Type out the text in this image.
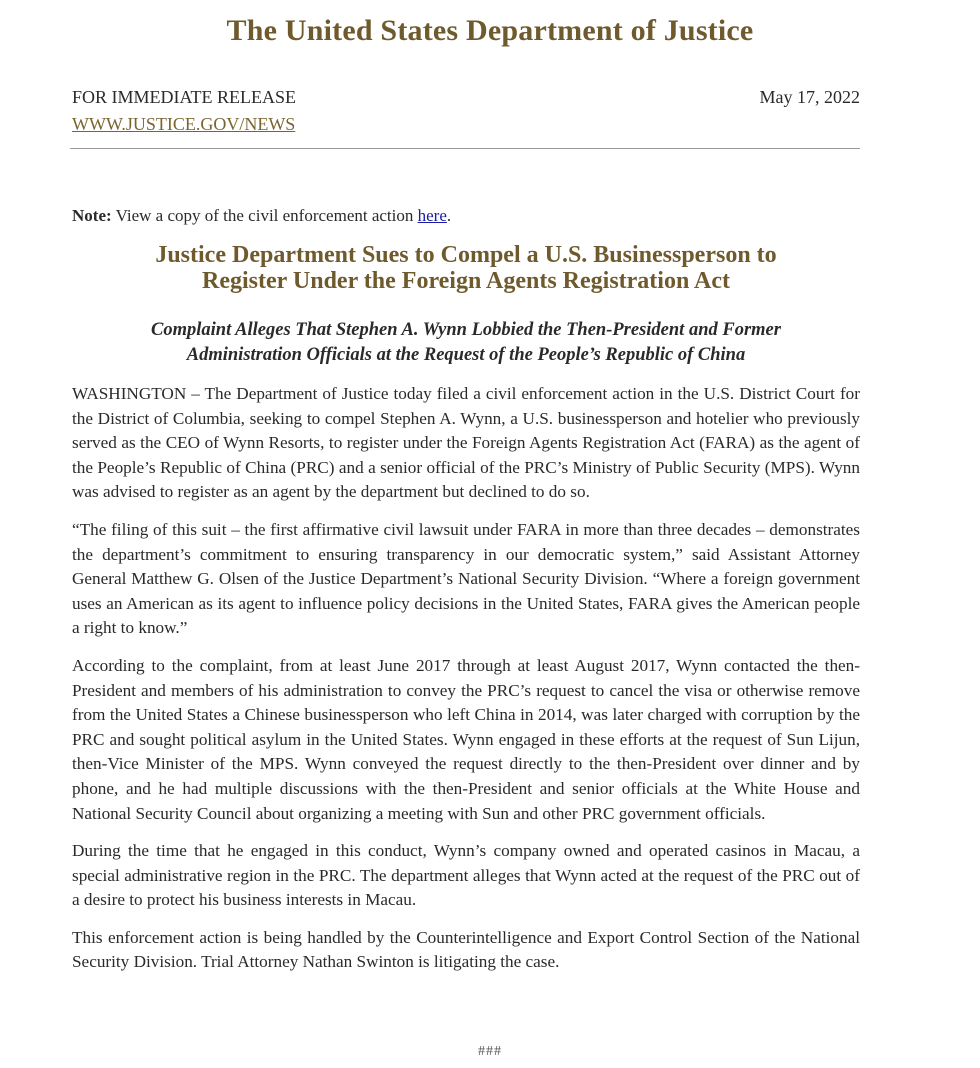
The United States Department of Justice
FOR IMMEDIATE RELEASE
WWW.JUSTICE.GOV/NEWS
May 17, 2022
Note: View a copy of the civil enforcement action here.
Justice Department Sues to Compel a U.S. Businessperson to
Register Under the Foreign Agents Registration Act
Complaint Alleges That Stephen A. Wynn Lobbied the Then-President and Former
Administration Officials at the Request of the People’s Republic of China

WASHINGTON – The Department of Justice today filed a civil enforcement action in the U.S. District Court for the District of Columbia, seeking to compel Stephen A. Wynn, a U.S. businessperson and hotelier who previously served as the CEO of Wynn Resorts, to register under the Foreign Agents Registration Act (FARA) as the agent of the People’s Republic of China (PRC) and a senior official of the PRC’s Ministry of Public Security (MPS). Wynn was advised to register as an agent by the department but declined to do so.

“The filing of this suit – the first affirmative civil lawsuit under FARA in more than three decades – demonstrates the department’s commitment to ensuring transparency in our democratic system,” said Assistant Attorney General Matthew G. Olsen of the Justice Department’s National Security Division. “Where a foreign government uses an American as its agent to influence policy decisions in the United States, FARA gives the American people a right to know.”

According to the complaint, from at least June 2017 through at least August 2017, Wynn contacted the then-President and members of his administration to convey the PRC’s request to cancel the visa or otherwise remove from the United States a Chinese businessperson who left China in 2014, was later charged with corruption by the PRC and sought political asylum in the United States. Wynn engaged in these efforts at the request of Sun Lijun, then-Vice Minister of the MPS. Wynn conveyed the request directly to the then-President over dinner and by phone, and he had multiple discussions with the then-President and senior officials at the White House and National Security Council about organizing a meeting with Sun and other PRC government officials.

During the time that he engaged in this conduct, Wynn’s company owned and operated casinos in Macau, a special administrative region in the PRC. The department alleges that Wynn acted at the request of the PRC out of a desire to protect his business interests in Macau.

This enforcement action is being handled by the Counterintelligence and Export Control Section of the National Security Division. Trial Attorney Nathan Swinton is litigating the case.

###
